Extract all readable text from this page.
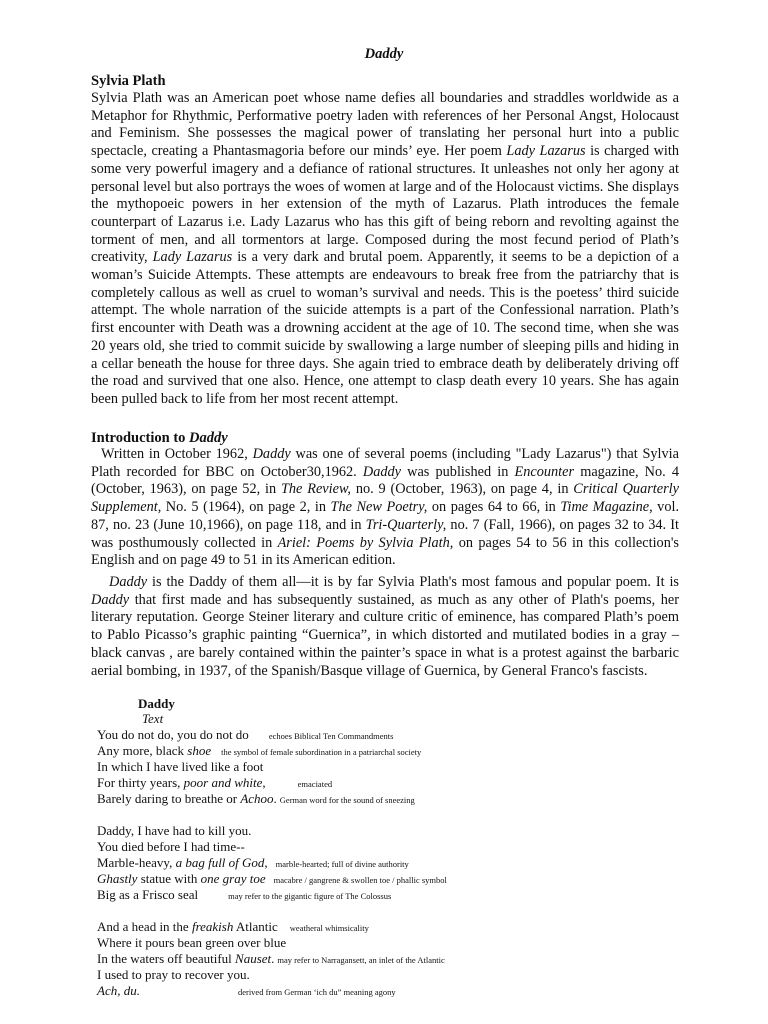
Daddy
Sylvia Plath
Sylvia Plath was an American poet whose name defies all boundaries and straddles worldwide as a Metaphor for Rhythmic, Performative poetry laden with references of her Personal Angst, Holocaust and Feminism. She possesses the magical power of translating her personal hurt into a public spectacle, creating a Phantasmagoria before our minds’ eye. Her poem Lady Lazarus is charged with some very powerful imagery and a defiance of rational structures. It unleashes not only her agony at personal level but also portrays the woes of women at large and of the Holocaust victims. She displays the mythopoeic powers in her extension of the myth of Lazarus. Plath introduces the female counterpart of Lazarus i.e. Lady Lazarus who has this gift of being reborn and revolting against the torment of men, and all tormentors at large. Composed during the most fecund period of Plath’s creativity, Lady Lazarus is a very dark and brutal poem. Apparently, it seems to be a depiction of a woman’s Suicide Attempts. These attempts are endeavours to break free from the patriarchy that is completely callous as well as cruel to woman’s survival and needs. This is the poetess’ third suicide attempt. The whole narration of the suicide attempts is a part of the Confessional narration. Plath’s first encounter with Death was a drowning accident at the age of 10. The second time, when she was 20 years old, she tried to commit suicide by swallowing a large number of sleeping pills and hiding in a cellar beneath the house for three days. She again tried to embrace death by deliberately driving off the road and survived that one also. Hence, one attempt to clasp death every 10 years. She has again been pulled back to life from her most recent attempt.
Introduction to Daddy
Written in October 1962, Daddy was one of several poems (including "Lady Lazarus") that Sylvia Plath recorded for BBC on October30,1962. Daddy was published in Encounter magazine, No. 4 (October, 1963), on page 52, in The Review, no. 9 (October, 1963), on page 4, in Critical Quarterly Supplement, No. 5 (1964), on page 2, in The New Poetry, on pages 64 to 66, in Time Magazine, vol. 87, no. 23 (June 10,1966), on page 118, and in Tri-Quarterly, no. 7 (Fall, 1966), on pages 32 to 34. It was posthumously collected in Ariel: Poems by Sylvia Plath, on pages 54 to 56 in this collection's English and on page 49 to 51 in its American edition.
Daddy is the Daddy of them all—it is by far Sylvia Plath's most famous and popular poem. It is Daddy that first made and has subsequently sustained, as much as any other of Plath's poems, her literary reputation. George Steiner literary and culture critic of eminence, has compared Plath’s poem to Pablo Picasso’s graphic painting “Guernica”, in which distorted and mutilated bodies in a gray –black canvas , are barely contained within the painter’s space in what is a protest against the barbaric aerial bombing, in 1937, of the Spanish/Basque village of Guernica, by General Franco's fascists.
Daddy
Text
You do not do, you do not do echoes Biblical Ten Commandments
Any more, black shoe the symbol of female subordination in a patriarchal society
In which I have lived like a foot
For thirty years, poor and white,	emaciated
Barely daring to breathe or Achoo. German word for the sound of sneezing
Daddy, I have had to kill you.
You died before I had time--
Marble-heavy, a bag full of God, marble-hearted; full of divine authority
Ghastly statue with one gray toe macabre / gangrene & swollen toe / phallic symbol
Big as a Frisco seal	may refer to the gigantic figure of The Colossus
And a head in the freakish Atlantic weatheral whimsicality
Where it pours bean green over blue
In the waters off beautiful Nauset. may refer to Narragansett, an inlet of the Atlantic
I used to pray to recover you.
Ach, du.	derived from German ‘ich du” meaning agony
